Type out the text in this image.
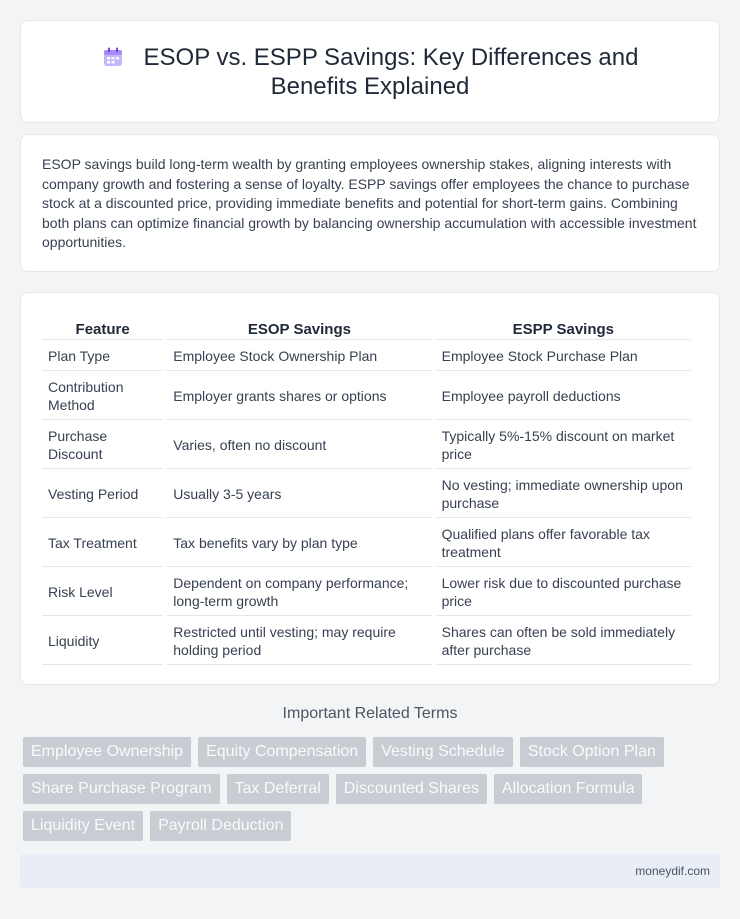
ESOP vs. ESPP Savings: Key Differences and Benefits Explained

ESOP savings build long-term wealth by granting employees ownership stakes, aligning interests with company growth and fostering a sense of loyalty. ESPP savings offer employees the chance to purchase stock at a discounted price, providing immediate benefits and potential for short-term gains. Combining both plans can optimize financial growth by balancing ownership accumulation with accessible investment opportunities.

Feature	ESOP Savings	ESPP Savings
Plan Type	Employee Stock Ownership Plan	Employee Stock Purchase Plan
Contribution Method	Employer grants shares or options	Employee payroll deductions
Purchase Discount	Varies, often no discount	Typically 5%-15% discount on market price
Vesting Period	Usually 3-5 years	No vesting; immediate ownership upon purchase
Tax Treatment	Tax benefits vary by plan type	Qualified plans offer favorable tax treatment
Risk Level	Dependent on company performance; long-term growth	Lower risk due to discounted purchase price
Liquidity	Restricted until vesting; may require holding period	Shares can often be sold immediately after purchase
Important Related Terms
Employee Ownership	Equity Compensation	Vesting Schedule	Stock Option Plan
Share Purchase Program	Tax Deferral	Discounted Shares	Allocation Formula
Liquidity Event	Payroll Deduction
moneydif.com
